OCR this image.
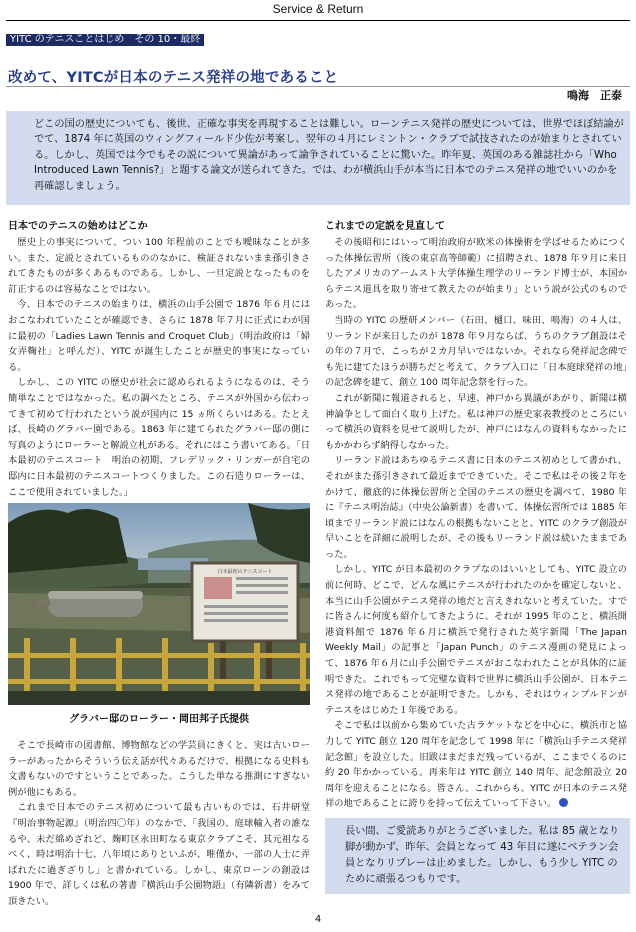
Service & Return
YITC のテニスことはじめ　その 10・最終回
改めて、YITCが日本のテニス発祥の地であること
鳴海　正泰
どこの国の歴史についても、後世、正確な事実を再現することは難しい。ローンテニス発祥の歴史については、世界でほぼ結論がでて、1874 年に英国のウィングフィールド少佐が考案し、翌年の４月にレミントン・クラブで試技されたのが始まりとされている。しかし、英国では今でもその説について異論があって論争されていることに驚いた。昨年夏、英国のある雑誌社から「Who Introduced Lawn Tennis?」と題する論文が送られてきた。では、わが横浜山手が本当に日本でのテニス発祥の地でいいのかを再確認しましょう。
日本でのテニスの始めはどこか

歴史上の事実について、つい 100 年程前のことでも曖昧なことが多い。また、定説とされているもののなかに、検証されないまま孫引きされてきたものが多くあるものである。しかし、一旦定説となったものを訂正するのは容易なことではない。

今、日本でのテニスの始まりは、横浜の山手公園で 1876 年６月にはおこなわれていたことが確認でき、さらに 1878 年７月に正式にわが国に最初の「Ladies Lawn Tennis and Croquet Club」（明治政府は「婦女弄鞠社」と呼んだ）、YITC が誕生したことが歴史的事実になっている。

しかし、この YITC の歴史が社会に認められるようになるのは、そう簡単なことではなかった。私の調べたところ、テニスが外国から伝わってきて初めて行われたという説が国内に 15 ヵ所くらいはある。たとえば、長崎のグラバー園である。1863 年に建てられたグラバー邸の側に写真のようにローラーと解説立札がある。それにはこう書いてある。「日本最初のテニスコート　明治の初期、フレデリック・リンガーが自宅の邸内に日本最初のテニスコートつくりました。この石造りローラーは、ここで使用されていました。」

日本最初のテニスコート
グラバー邸のローラー・岡田邦子氏提供

そこで長崎市の図書館、博物館などの学芸員にきくと、実は古いローラーがあったからそういう伝え話が代々あるだけで、根拠になる史料も文書もないのですということであった。こうした単なる推測にすぎない例が他にもある。

これまで日本でのテニス初めについて最も古いものでは、石井研堂『明治事物起源』（明治四〇年）のなかで、「我国の、庭球輸入者の誰なるや、未だ綿めざれど、麹町区永田町なる東京クラブこそ、其元祖なるべく、時は明治十七、八年頃にありといふが、唯僅か、一部の人士に弄ばれたに過ぎざりし」と書かれている。しかし、東京ローンの創設は 1900 年で、詳しくは私の著書『横浜山手公園物語』（有隣新書）をみて頂きたい。

これまでの定説を見直して

その後昭和にはいって明治政府が欧米の体操術を学ばせるためにつくった体操伝習所（後の東京高等師範）に招聘され、1878 年９月に来日したアメリカのアームスト大学体操生理学のリーランド博士が、本国からテニス道具を取り寄せて教えたのが始まり」という説が公式のものであった。

当時の YITC の歴研メンバー（石田、樋口、味田、鳴海）の４人は、リーランドが来日したのが 1878 年９月ならば、うちのクラブ創設はその年の７月で、こっちが２カ月早いではないか。それなら発祥記念碑でも先に建てたほうが勝ちだと考えて、クラブ入口に「日本庭球発祥の地」の記念碑を建て、創立 100 周年記念祭を行った。

これが新聞に報道されると、早速、神戸から異議があがり、新聞は横神論争として面白く取り上げた。私は神戸の歴史家表教授のところにいって横浜の資料を見せて説明したが、神戸にはなんの資料もなかったにもかかわらず納得しなかった。

リーランド説はあちゆるテニス書に日本のテニス初めとして書かれ、それがまた孫引きされて最近までできていた。そこで私はその後２年をかけて、徹底的に体操伝習所と全国のテニスの歴史を調べて、1980 年に『テニス明治誌』（中央公論新書）を書いて、体操伝習所では 1885 年頃までリーランド説にはなんの根拠もないことと、YITC のクラブ創設が早いことを詳細に説明したが、その後もリーランド説は続いたままであった。

しかし、YITC が日本最初のクラブなのはいいとしても、YITC 設立の前に何時、どこで、どんな風にテニスが行われたのかを確定しないと、本当に山手公園がテニス発祥の地だと言えきれないと考えていた。すでに皆さんに何度も紹介してきたように、それが 1995 年のこと、横浜開港資料館で 1876 年６月に横浜で発行された英字新聞「The Japan Weekly Mail」の記事と「Japan Punch」のテニス漫画の発見によって、1876 年６月に山手公園でテニスがおこなわれたことが具体的に証明できた。これでもって完璧な資料で世界に横浜山手公園が、日本テニス発祥の地であることが証明できた。しかも、それはウィンブルドンがテニスをはじめた１年後である。

そこで私は以前から集めていた古ラケットなどを中心に、横浜市と協力して YITC 創立 120 周年を記念して 1998 年に「横浜山手テニス発祥記念館」を設立した。旧跋はまだまだ残っているが、ここまでくるのに約 20 年かかっている。再来年は YITC 創立 140 周年、記念館設立 20 周年を迎えることになる。皆さん、これからも、YITC が日本のテニス発祥の地であることに誇りを持って伝えていって下さい。

長い間、ご愛読ありがとうございました。私は 85 歳となり脚が動かず、昨年、会員となって 43 年目に遂にベテラン会員となりリプレーは止めました。しかし、もう少し YITC のために頑張るつもりです。
4
